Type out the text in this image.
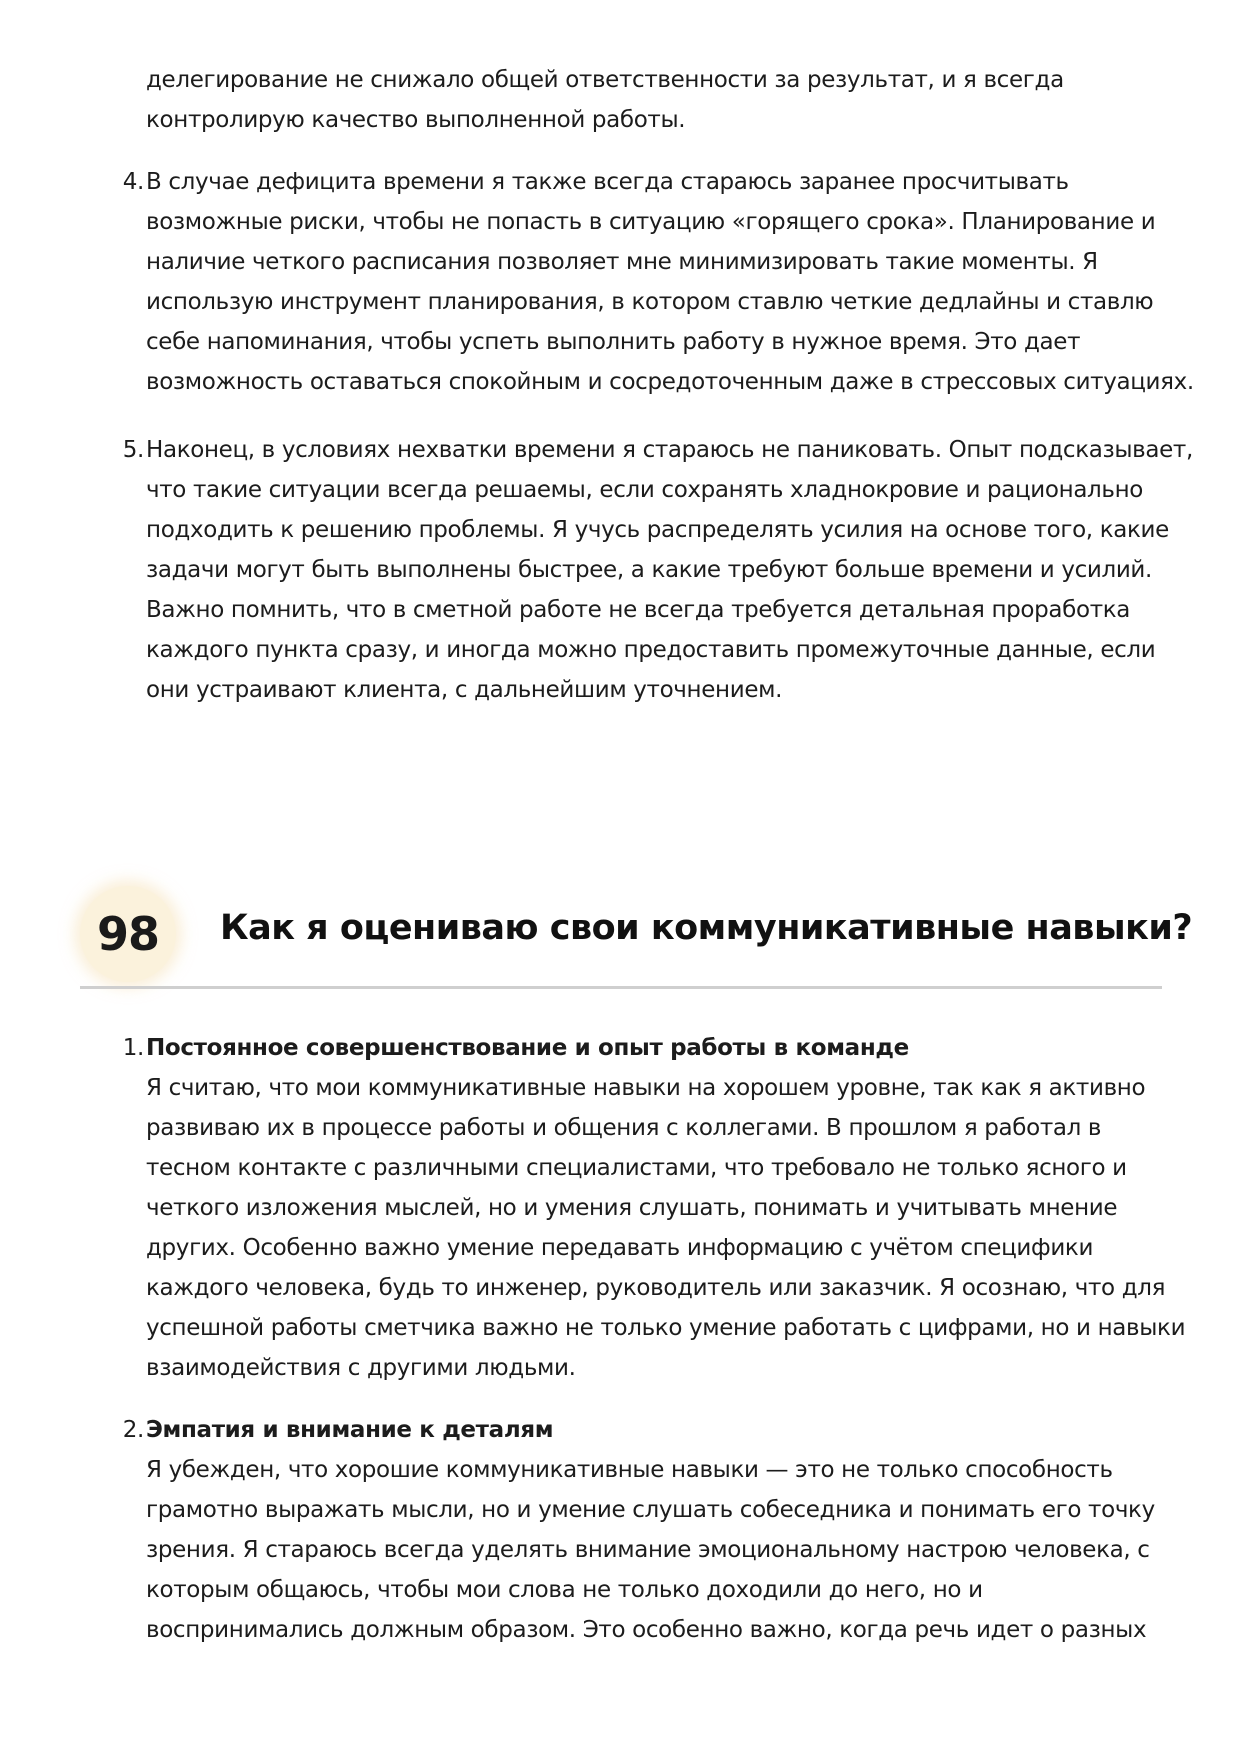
делегирование не снижало общей ответственности за результат, и я всегда
контролирую качество выполненной работы.
4. В случае дефицита времени я также всегда стараюсь заранее просчитывать
возможные риски, чтобы не попасть в ситуацию «горящего срока». Планирование и
наличие четкого расписания позволяет мне минимизировать такие моменты. Я
использую инструмент планирования, в котором ставлю четкие дедлайны и ставлю
себе напоминания, чтобы успеть выполнить работу в нужное время. Это дает
возможность оставаться спокойным и сосредоточенным даже в стрессовых ситуациях.
5. Наконец, в условиях нехватки времени я стараюсь не паниковать. Опыт подсказывает,
что такие ситуации всегда решаемы, если сохранять хладнокровие и рационально
подходить к решению проблемы. Я учусь распределять усилия на основе того, какие
задачи могут быть выполнены быстрее, а какие требуют больше времени и усилий.
Важно помнить, что в сметной работе не всегда требуется детальная проработка
каждого пункта сразу, и иногда можно предоставить промежуточные данные, если
они устраивают клиента, с дальнейшим уточнением.
98	Как я оцениваю свои коммуникативные навыки?
1. Постоянное совершенствование и опыт работы в команде
Я считаю, что мои коммуникативные навыки на хорошем уровне, так как я активно
развиваю их в процессе работы и общения с коллегами. В прошлом я работал в
тесном контакте с различными специалистами, что требовало не только ясного и
четкого изложения мыслей, но и умения слушать, понимать и учитывать мнение
других. Особенно важно умение передавать информацию с учётом специфики
каждого человека, будь то инженер, руководитель или заказчик. Я осознаю, что для
успешной работы сметчика важно не только умение работать с цифрами, но и навыки
взаимодействия с другими людьми.
2. Эмпатия и внимание к деталям
Я убежден, что хорошие коммуникативные навыки — это не только способность
грамотно выражать мысли, но и умение слушать собеседника и понимать его точку
зрения. Я стараюсь всегда уделять внимание эмоциональному настрою человека, с
которым общаюсь, чтобы мои слова не только доходили до него, но и
воспринимались должным образом. Это особенно важно, когда речь идет о разных
